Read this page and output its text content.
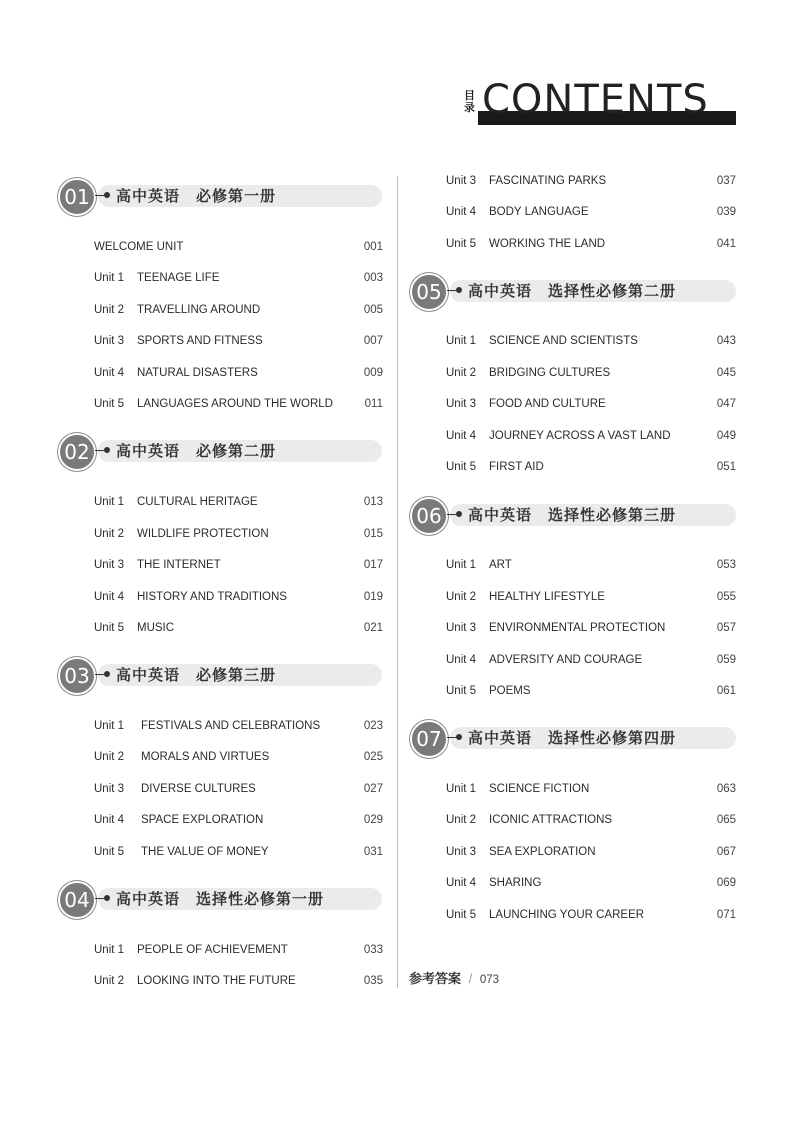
目录 CONTENTS
01	高中英语 必修第一册
WELCOME UNIT	001
Unit 1 TEENAGE LIFE	003
Unit 2 TRAVELLING AROUND	005
Unit 3 SPORTS AND FITNESS	007
Unit 4 NATURAL DISASTERS	009
Unit 5 LANGUAGES AROUND THE WORLD	011
02	高中英语 必修第二册
Unit 1 CULTURAL HERITAGE	013
Unit 2 WILDLIFE PROTECTION	015
Unit 3 THE INTERNET	017
Unit 4 HISTORY AND TRADITIONS	019
Unit 5 MUSIC	021
03	高中英语 必修第三册
Unit 1 FESTIVALS AND CELEBRATIONS	023
Unit 2 MORALS AND VIRTUES	025
Unit 3 DIVERSE CULTURES	027
Unit 4 SPACE EXPLORATION	029
Unit 5 THE VALUE OF MONEY	031
04	高中英语 选择性必修第一册
Unit 1 PEOPLE OF ACHIEVEMENT	033
Unit 2 LOOKING INTO THE FUTURE	035
Unit 3 FASCINATING PARKS	037
Unit 4 BODY LANGUAGE	039
Unit 5 WORKING THE LAND	041
05	高中英语 选择性必修第二册
Unit 1 SCIENCE AND SCIENTISTS	043
Unit 2 BRIDGING CULTURES	045
Unit 3 FOOD AND CULTURE	047
Unit 4 JOURNEY ACROSS A VAST LAND	049
Unit 5 FIRST AID	051
06	高中英语 选择性必修第三册
Unit 1 ART	053
Unit 2 HEALTHY LIFESTYLE	055
Unit 3 ENVIRONMENTAL PROTECTION	057
Unit 4 ADVERSITY AND COURAGE	059
Unit 5 POEMS	061
07	高中英语 选择性必修第四册
Unit 1 SCIENCE FICTION	063
Unit 2 ICONIC ATTRACTIONS	065
Unit 3 SEA EXPLORATION	067
Unit 4 SHARING	069
Unit 5 LAUNCHING YOUR CAREER	071
参考答案 / 073
